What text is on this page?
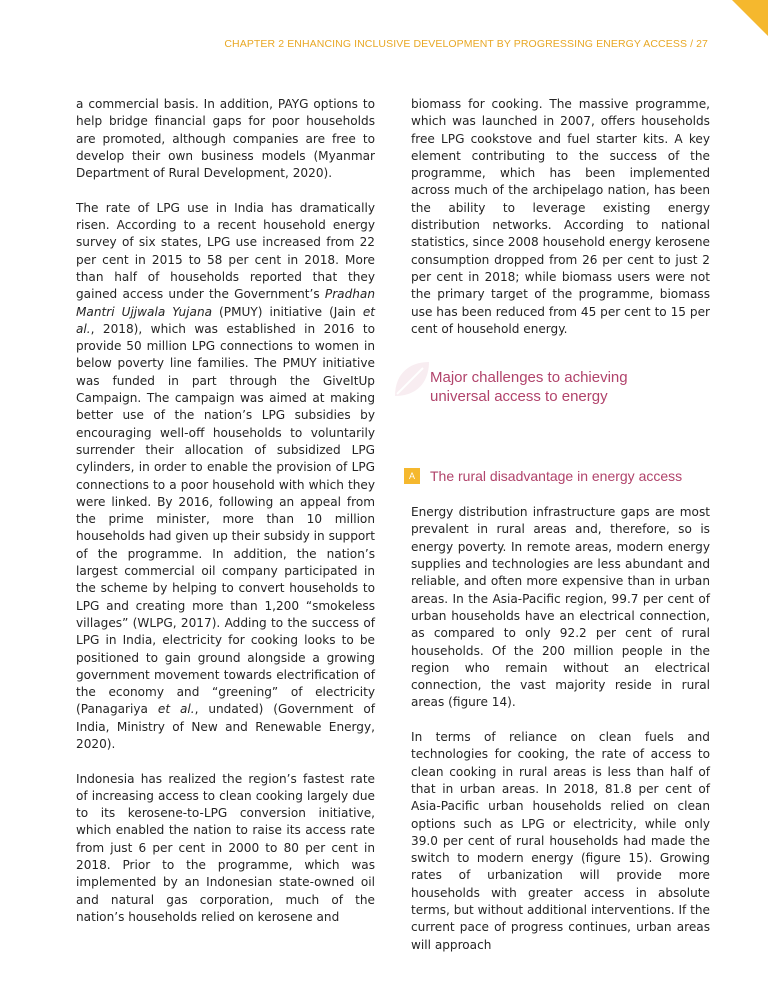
CHAPTER 2 ENHANCING INCLUSIVE DEVELOPMENT BY PROGRESSING ENERGY ACCESS / 27

a commercial basis. In addition, PAYG options to help bridge financial gaps for poor households are promoted, although companies are free to develop their own business models (Myanmar Department of Rural Development, 2020).

The rate of LPG use in India has dramatically risen. According to a recent household energy survey of six states, LPG use increased from 22 per cent in 2015 to 58 per cent in 2018. More than half of households reported that they gained access under the Government’s Pradhan Mantri Ujjwala Yujana (PMUY) initiative (Jain et al., 2018), which was established in 2016 to provide 50 million LPG connections to women in below poverty line families. The PMUY initiative was funded in part through the GiveItUp Campaign. The campaign was aimed at making better use of the nation’s LPG subsidies by encouraging well-off households to voluntarily surrender their allocation of subsidized LPG cylinders, in order to enable the provision of LPG connections to a poor household with which they were linked. By 2016, following an appeal from the prime minister, more than 10 million households had given up their subsidy in support of the programme. In addition, the nation’s largest commercial oil company participated in the scheme by helping to convert households to LPG and creating more than 1,200 “smokeless villages” (WLPG, 2017). Adding to the success of LPG in India, electricity for cooking looks to be positioned to gain ground alongside a growing government movement towards electrification of the economy and “greening” of electricity (Panagariya et al., undated) (Government of India, Ministry of New and Renewable Energy, 2020).

Indonesia has realized the region’s fastest rate of increasing access to clean cooking largely due to its kerosene-to-LPG conversion initiative, which enabled the nation to raise its access rate from just 6 per cent in 2000 to 80 per cent in 2018. Prior to the programme, which was implemented by an Indonesian state-owned oil and natural gas corporation, much of the nation’s households relied on kerosene and

biomass for cooking. The massive programme, which was launched in 2007, offers households free LPG cookstove and fuel starter kits. A key element contributing to the success of the programme, which has been implemented across much of the archipelago nation, has been the ability to leverage existing energy distribution networks. According to national statistics, since 2008 household energy kerosene consumption dropped from 26 per cent to just 2 per cent in 2018; while biomass users were not the primary target of the programme, biomass use has been reduced from 45 per cent to 15 per cent of household energy.

Major challenges to achieving
universal access to energy
A	The rural disadvantage in energy access

Energy distribution infrastructure gaps are most prevalent in rural areas and, therefore, so is energy poverty. In remote areas, modern energy supplies and technologies are less abundant and reliable, and often more expensive than in urban areas. In the Asia-Pacific region, 99.7 per cent of urban households have an electrical connection, as compared to only 92.2 per cent of rural households. Of the 200 million people in the region who remain without an electrical connection, the vast majority reside in rural areas (figure 14).

In terms of reliance on clean fuels and technologies for cooking, the rate of access to clean cooking in rural areas is less than half of that in urban areas. In 2018, 81.8 per cent of Asia-Pacific urban households relied on clean options such as LPG or electricity, while only 39.0 per cent of rural households had made the switch to modern energy (figure 15). Growing rates of urbanization will provide more households with greater access in absolute terms, but without additional interventions. If the current pace of progress continues, urban areas will approach
